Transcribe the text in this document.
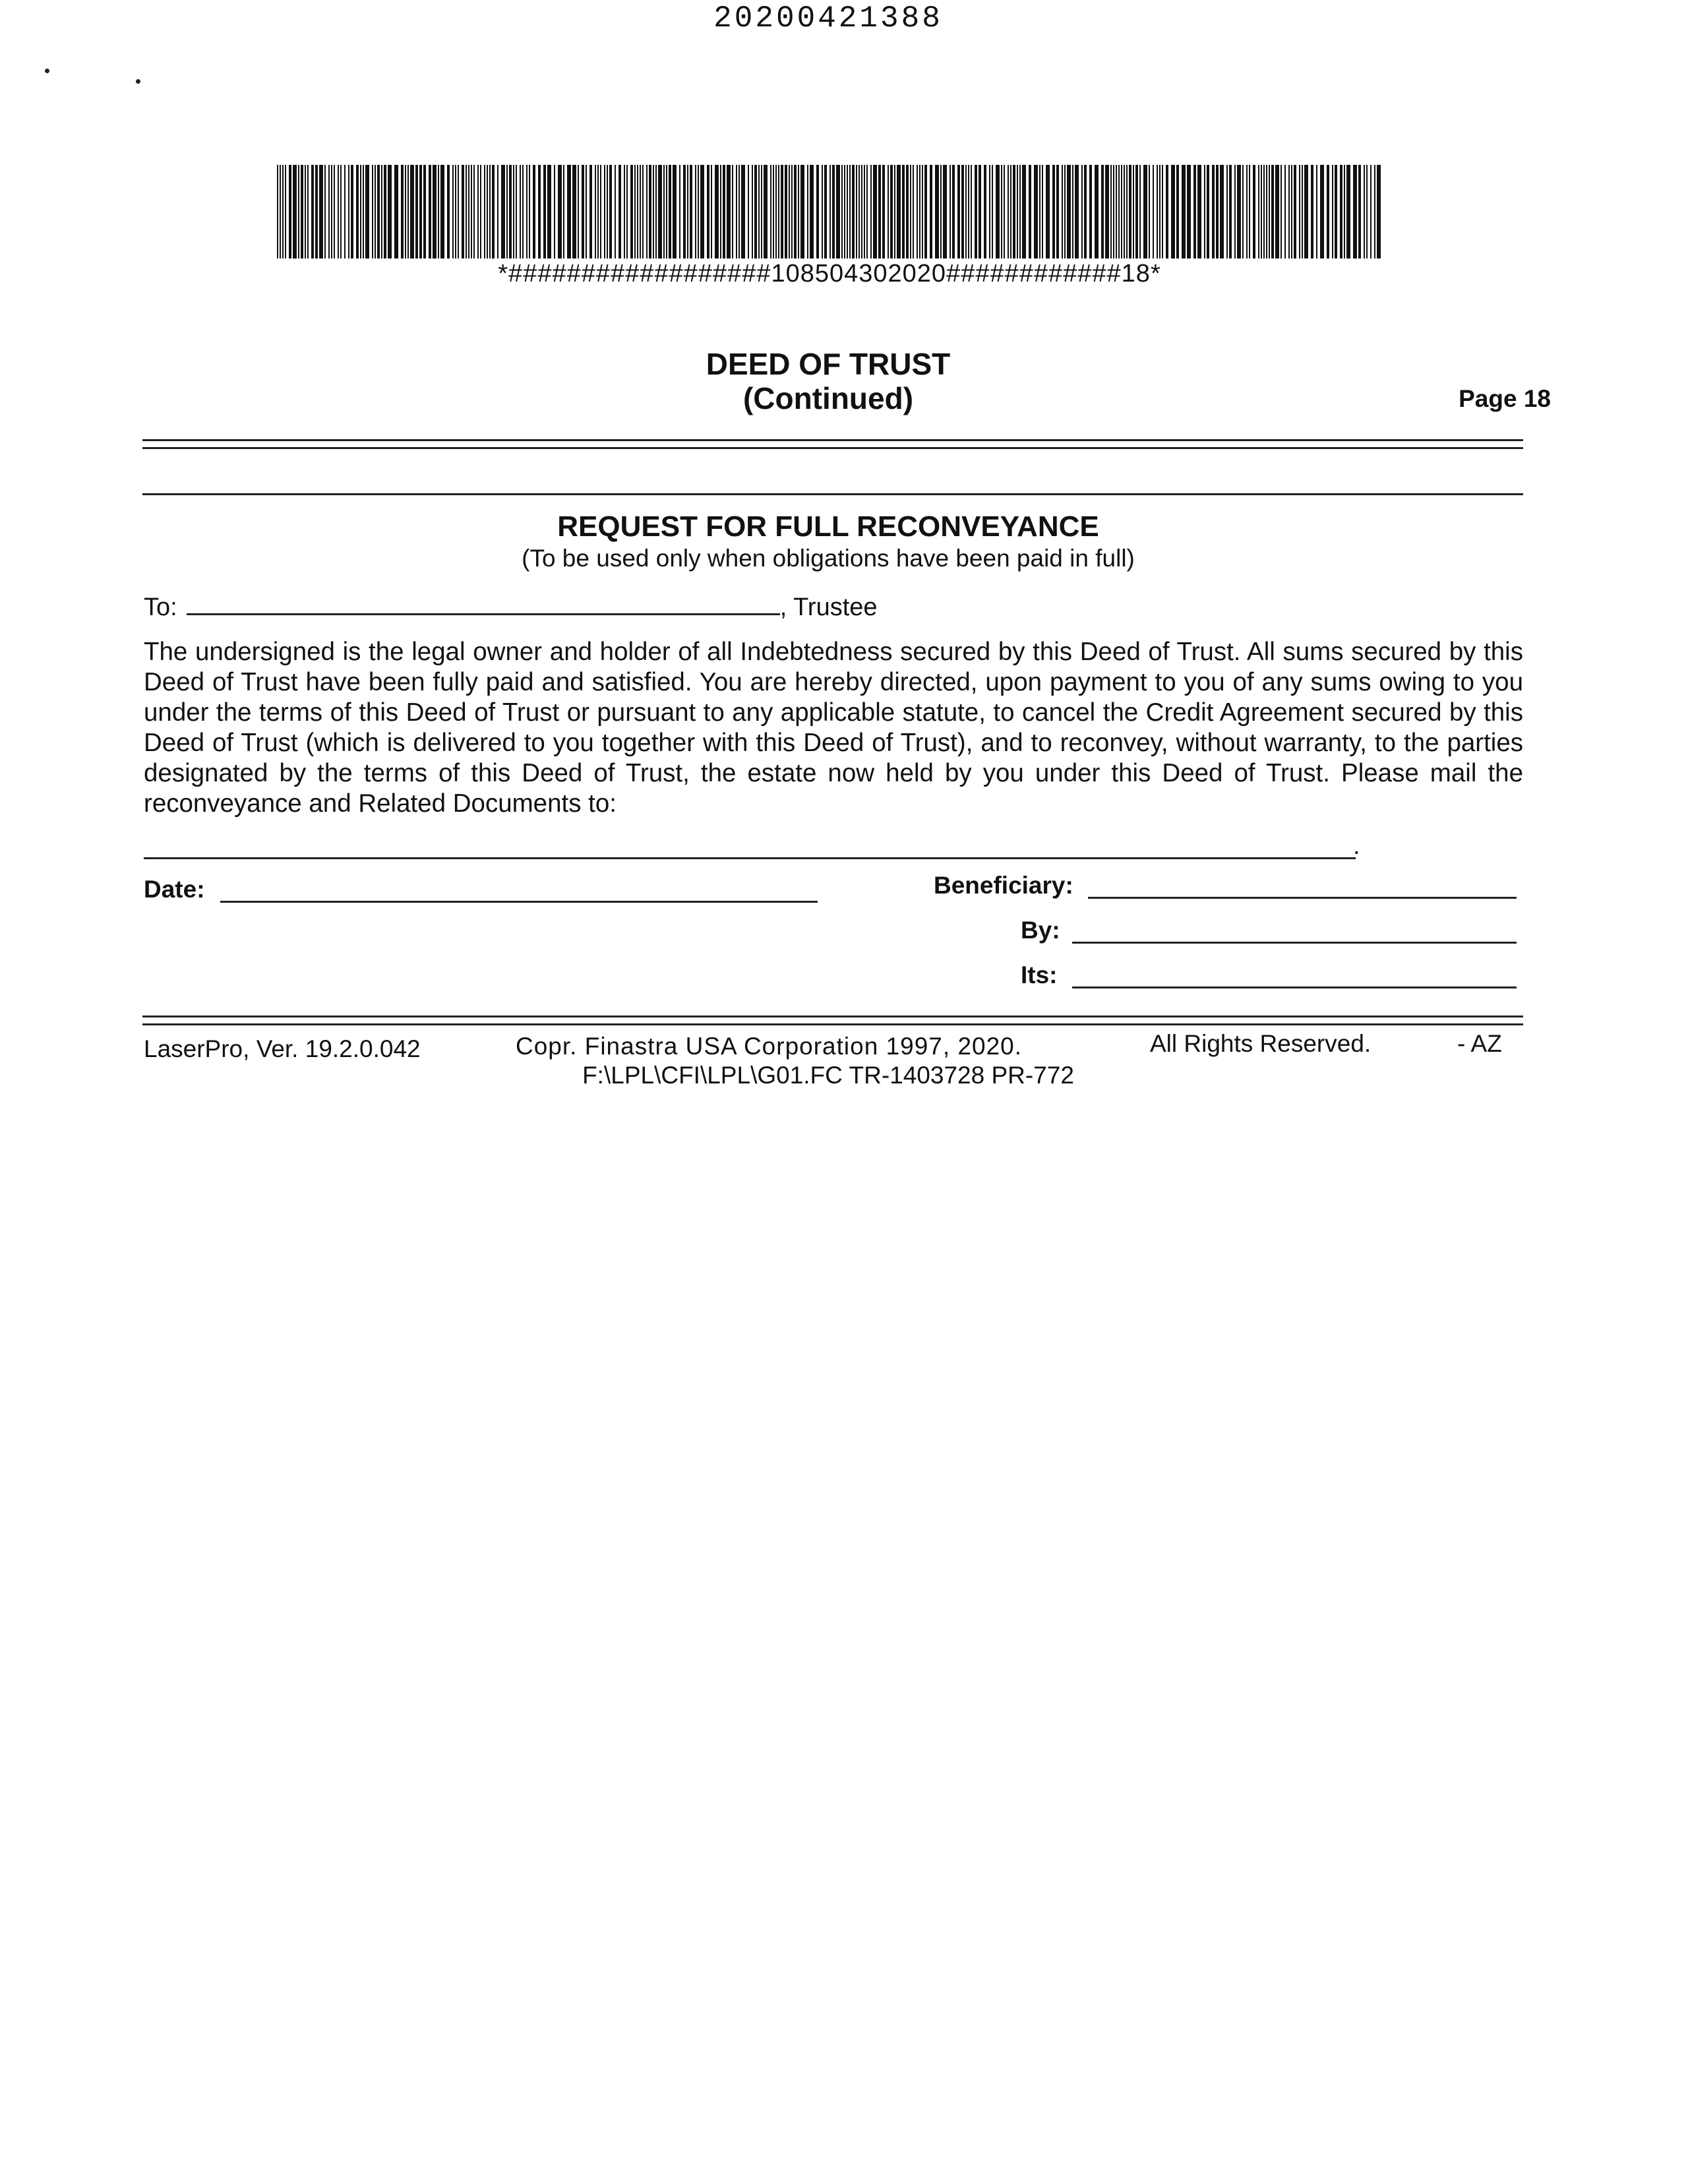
20200421388
*##################108504302020############18*
DEED OF TRUST
(Continued)	Page 18
REQUEST FOR FULL RECONVEYANCE
(To be used only when obligations have been paid in full)
To:	, Trustee
The undersigned is the legal owner and holder of all Indebtedness secured by this Deed of Trust. All sums secured by this Deed of Trust have been fully paid and satisfied. You are hereby directed, upon payment to you of any sums owing to you under the terms of this Deed of Trust or pursuant to any applicable statute, to cancel the Credit Agreement secured by this Deed of Trust (which is delivered to you together with this Deed of Trust), and to reconvey, without warranty, to the parties designated by the terms of this Deed of Trust, the estate now held by you under this Deed of Trust. Please mail the reconveyance and Related Documents to:
.
Date:	Beneficiary:
By:
Its:
LaserPro, Ver. 19.2.0.042	Copr. Finastra USA Corporation 1997, 2020.	All Rights Reserved.	- AZ
F:\LPL\CFI\LPL\G01.FC TR-1403728 PR-772
